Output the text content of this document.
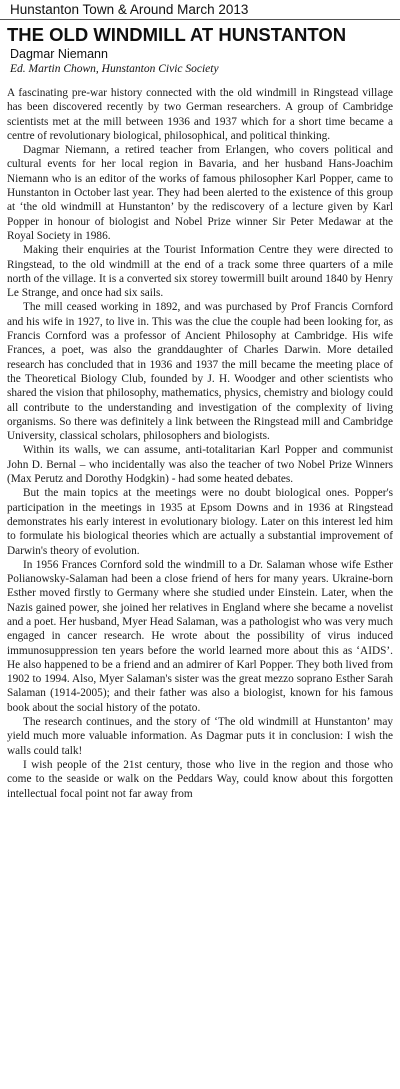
Hunstanton Town & Around March 2013
THE OLD WINDMILL AT HUNSTANTON
Dagmar Niemann
Ed. Martin Chown, Hunstanton Civic Society

A fascinating pre-war history connected with the old windmill in Ringstead village has been discovered recently by two German researchers. A group of Cambridge scientists met at the mill between 1936 and 1937 which for a short time became a centre of revolutionary biological, philosophical, and political thinking.

Dagmar Niemann, a retired teacher from Erlangen, who covers political and cultural events for her local region in Bavaria, and her husband Hans-Joachim Niemann who is an editor of the works of famous philosopher Karl Popper, came to Hunstanton in October last year. They had been alerted to the existence of this group at ‘the old windmill at Hunstanton’ by the rediscovery of a lecture given by Karl Popper in honour of biologist and Nobel Prize winner Sir Peter Medawar at the Royal Society in 1986.

Making their enquiries at the Tourist Information Centre they were directed to Ringstead, to the old windmill at the end of a track some three quarters of a mile north of the village. It is a converted six storey towermill built around 1840 by Henry Le Strange, and once had six sails.

The mill ceased working in 1892, and was purchased by Prof Francis Cornford and his wife in 1927, to live in. This was the clue the couple had been looking for, as Francis Cornford was a professor of Ancient Philosophy at Cambridge. His wife Frances, a poet, was also the granddaughter of Charles Darwin. More detailed research has concluded that in 1936 and 1937 the mill became the meeting place of the Theoretical Biology Club, founded by J. H. Woodger and other scientists who shared the vision that philosophy, mathematics, physics, chemistry and biology could all contribute to the understanding and investigation of the complexity of living organisms. So there was definitely a link between the Ringstead mill and Cambridge University, classical scholars, philosophers and biologists.

Within its walls, we can assume, anti-totalitarian Karl Popper and communist John D. Bernal – who incidentally was also the teacher of two Nobel Prize Winners (Max Perutz and Dorothy Hodgkin) - had some heated debates.

But the main topics at the meetings were no doubt biological ones. Popper's participation in the meetings in 1935 at Epsom Downs and in 1936 at Ringstead demonstrates his early interest in evolutionary biology. Later on this interest led him to formulate his biological theories which are actually a substantial improvement of Darwin's theory of evolution.

In 1956 Frances Cornford sold the windmill to a Dr. Salaman whose wife Esther Polianowsky-Salaman had been a close friend of hers for many years. Ukraine-born Esther moved firstly to Germany where she studied under Einstein. Later, when the Nazis gained power, she joined her relatives in England where she became a novelist and a poet. Her husband, Myer Head Salaman, was a pathologist who was very much engaged in cancer research. He wrote about the possibility of virus induced immunosuppression ten years before the world learned more about this as ‘AIDS’. He also happened to be a friend and an admirer of Karl Popper. They both lived from 1902 to 1994. Also, Myer Salaman's sister was the great mezzo soprano Esther Sarah Salaman (1914-2005); and their father was also a biologist, known for his famous book about the social history of the potato.

The research continues, and the story of ‘The old windmill at Hunstanton’ may yield much more valuable information. As Dagmar puts it in conclusion: I wish the walls could talk!

I wish people of the 21st century, those who live in the region and those who come to the seaside or walk on the Peddars Way, could know about this forgotten intellectual focal point not far away from
